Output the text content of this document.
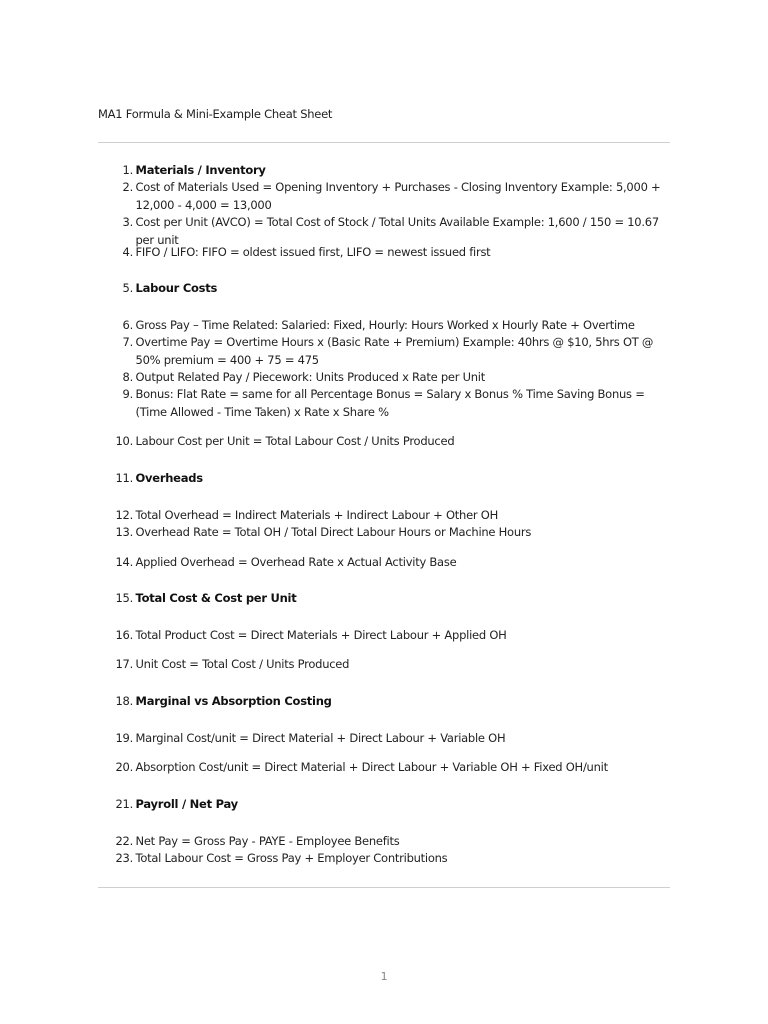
MA1 Formula & Mini-Example Cheat Sheet
1. Materials / Inventory
2. Cost of Materials Used = Opening Inventory + Purchases - Closing Inventory Example: 5,000 + 12,000 - 4,000 = 13,000
3. Cost per Unit (AVCO) = Total Cost of Stock / Total Units Available Example: 1,600 / 150 = 10.67 per unit
4. FIFO / LIFO: FIFO = oldest issued first, LIFO = newest issued first
5. Labour Costs
6. Gross Pay – Time Related: Salaried: Fixed, Hourly: Hours Worked x Hourly Rate + Overtime
7. Overtime Pay = Overtime Hours x (Basic Rate + Premium) Example: 40hrs @ $10, 5hrs OT @ 50% premium = 400 + 75 = 475
8. Output Related Pay / Piecework: Units Produced x Rate per Unit
9. Bonus: Flat Rate = same for all Percentage Bonus = Salary x Bonus % Time Saving Bonus = (Time Allowed - Time Taken) x Rate x Share %
10. Labour Cost per Unit = Total Labour Cost / Units Produced
11. Overheads
12. Total Overhead = Indirect Materials + Indirect Labour + Other OH
13. Overhead Rate = Total OH / Total Direct Labour Hours or Machine Hours
14. Applied Overhead = Overhead Rate x Actual Activity Base
15. Total Cost & Cost per Unit
16. Total Product Cost = Direct Materials + Direct Labour + Applied OH
17. Unit Cost = Total Cost / Units Produced
18. Marginal vs Absorption Costing
19. Marginal Cost/unit = Direct Material + Direct Labour + Variable OH
20. Absorption Cost/unit = Direct Material + Direct Labour + Variable OH + Fixed OH/unit
21. Payroll / Net Pay
22. Net Pay = Gross Pay - PAYE - Employee Benefits
23. Total Labour Cost = Gross Pay + Employer Contributions
1
